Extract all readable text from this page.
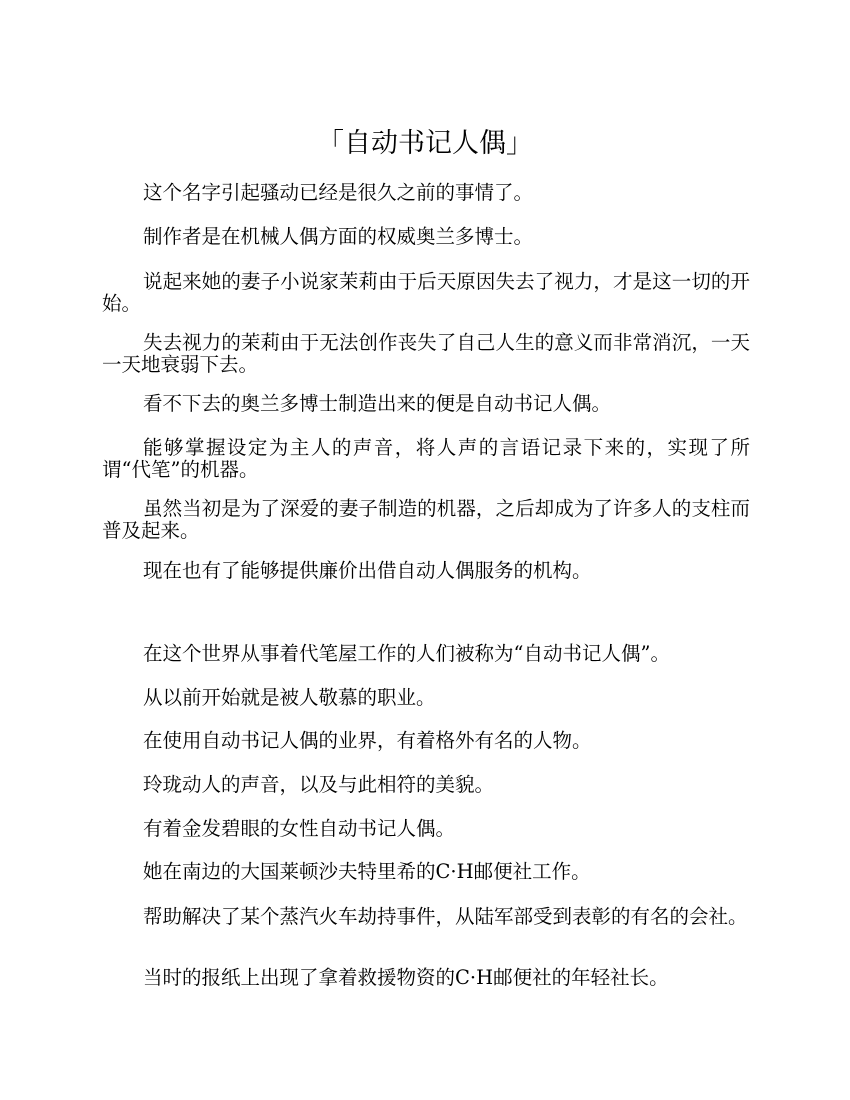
「自动书记人偶」

这个名字引起骚动已经是很久之前的事情了。

制作者是在机械人偶方面的权威奥兰多博士。

说起来她的妻子小说家茉莉由于后天原因失去了视力，才是这一切的开始。

失去视力的茉莉由于无法创作丧失了自己人生的意义而非常消沉，一天一天地衰弱下去。

看不下去的奥兰多博士制造出来的便是自动书记人偶。

能够掌握设定为主人的声音，将人声的言语记录下来的，实现了所谓“代笔”的机器。

虽然当初是为了深爱的妻子制造的机器，之后却成为了许多人的支柱而普及起来。

现在也有了能够提供廉价出借自动人偶服务的机构。

在这个世界从事着代笔屋工作的人们被称为“自动书记人偶”。

从以前开始就是被人敬慕的职业。

在使用自动书记人偶的业界，有着格外有名的人物。

玲珑动人的声音，以及与此相符的美貌。

有着金发碧眼的女性自动书记人偶。

她在南边的大国莱顿沙夫特里希的C·H邮便社工作。

帮助解决了某个蒸汽火车劫持事件，从陆军部受到表彰的有名的会社。

当时的报纸上出现了拿着救援物资的C·H邮便社的年轻社长。
